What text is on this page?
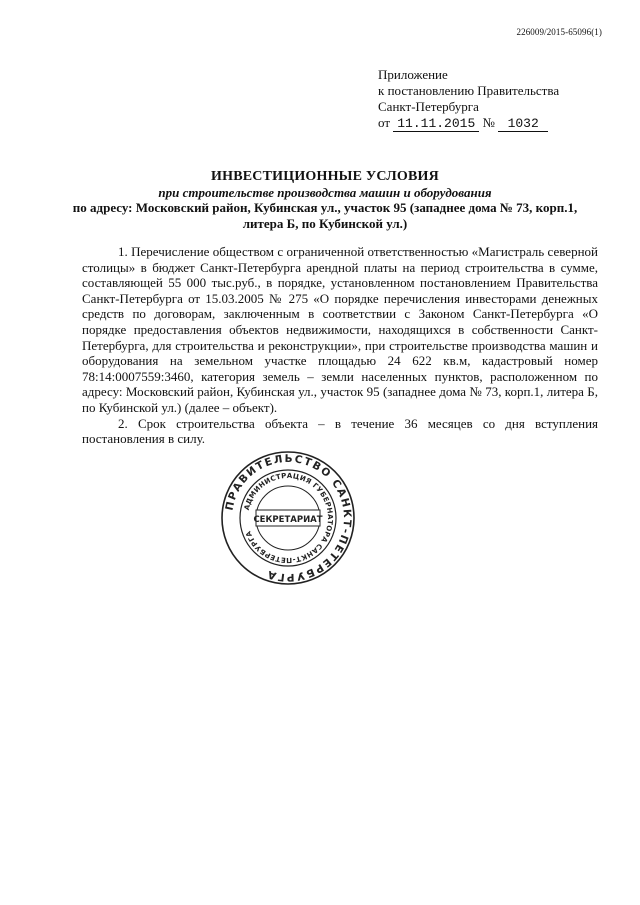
226009/2015-65096(1)
Приложение
к постановлению Правительства
Санкт-Петербурга
от 11.11.2015 № 1032
ИНВЕСТИЦИОННЫЕ УСЛОВИЯ
при строительстве производства машин и оборудования
по адресу: Московский район, Кубинская ул., участок 95 (западнее дома № 73, корп.1,
литера Б, по Кубинской ул.)

1. Перечисление обществом с ограниченной ответственностью «Магистраль северной столицы» в бюджет Санкт-Петербурга арендной платы на период строительства в сумме, составляющей 55 000 тыс.руб., в порядке, установленном постановлением Правительства Санкт-Петербурга от 15.03.2005 № 275 «О порядке перечисления инвесторами денежных средств по договорам, заключенным в соответствии с Законом Санкт-Петербурга «О порядке предоставления объектов недвижимости, находящихся в собственности Санкт-Петербурга, для строительства и реконструкции», при строительстве производства машин и оборудования на земельном участке площадью 24 622 кв.м, кадастровый номер 78:14:0007559:3460, категория земель – земли населенных пунктов, расположенном по адресу: Московский район, Кубинская ул., участок 95 (западнее дома № 73, корп.1, литера Б, по Кубинской ул.) (далее – объект).

2. Срок строительства объекта – в течение 36 месяцев со дня вступления постановления в силу.

ПРАВИТЕЛЬСТВО САНКТ-ПЕТЕРБУРГА
АДМИНИСТРАЦИЯ ГУБЕРНАТОРА САНКТ-ПЕТЕРБУРГА
СЕКРЕТАРИАТ
